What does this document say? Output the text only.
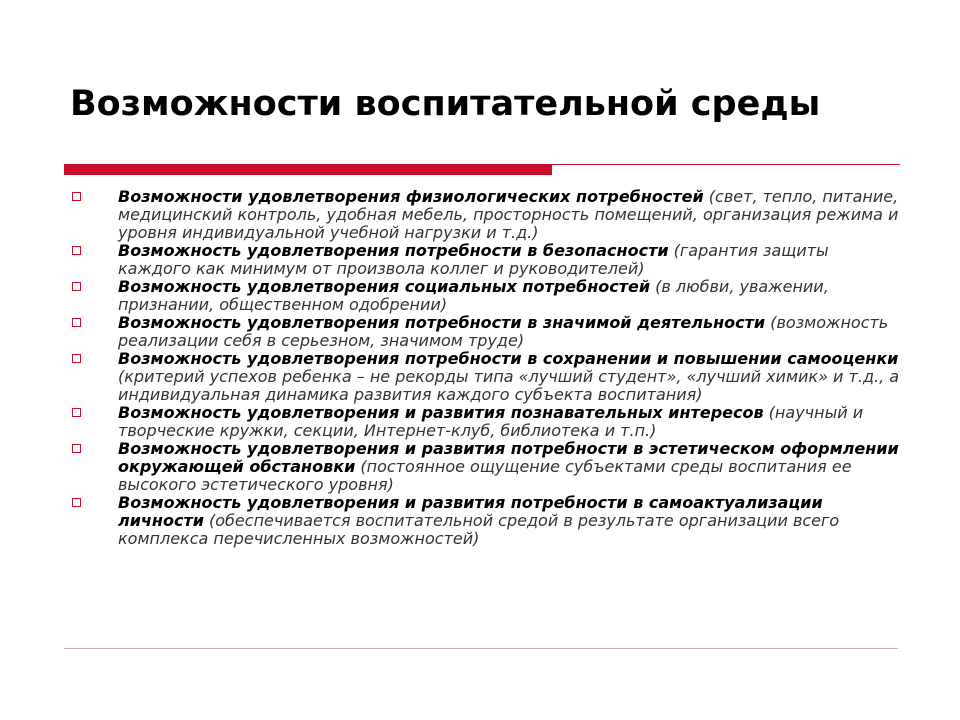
Возможности воспитательной среды
Возможности удовлетворения физиологических потребностей (свет, тепло, питание, медицинский контроль, удобная мебель, просторность помещений, организация режима и уровня индивидуальной учебной нагрузки и т.д.)
Возможность удовлетворения потребности в безопасности (гарантия защиты каждого как минимум от произвола коллег и руководителей)
Возможность удовлетворения социальных потребностей (в любви, уважении, признании, общественном одобрении)
Возможность удовлетворения потребности в значимой деятельности (возможность реализации себя в серьезном, значимом труде)
Возможность удовлетворения потребности в сохранении и повышении самооценки (критерий успехов ребенка – не рекорды типа «лучший студент», «лучший химик» и т.д., а индивидуальная динамика развития каждого субъекта воспитания)
Возможность удовлетворения и развития познавательных интересов (научный и творческие кружки, секции, Интернет-клуб, библиотека и т.п.)
Возможность удовлетворения и развития потребности в эстетическом оформлении окружающей обстановки (постоянное ощущение субъектами среды воспитания ее высокого эстетического уровня)
Возможность удовлетворения и развития потребности в самоактуализации личности (обеспечивается воспитательной средой в результате организации всего комплекса перечисленных возможностей)
